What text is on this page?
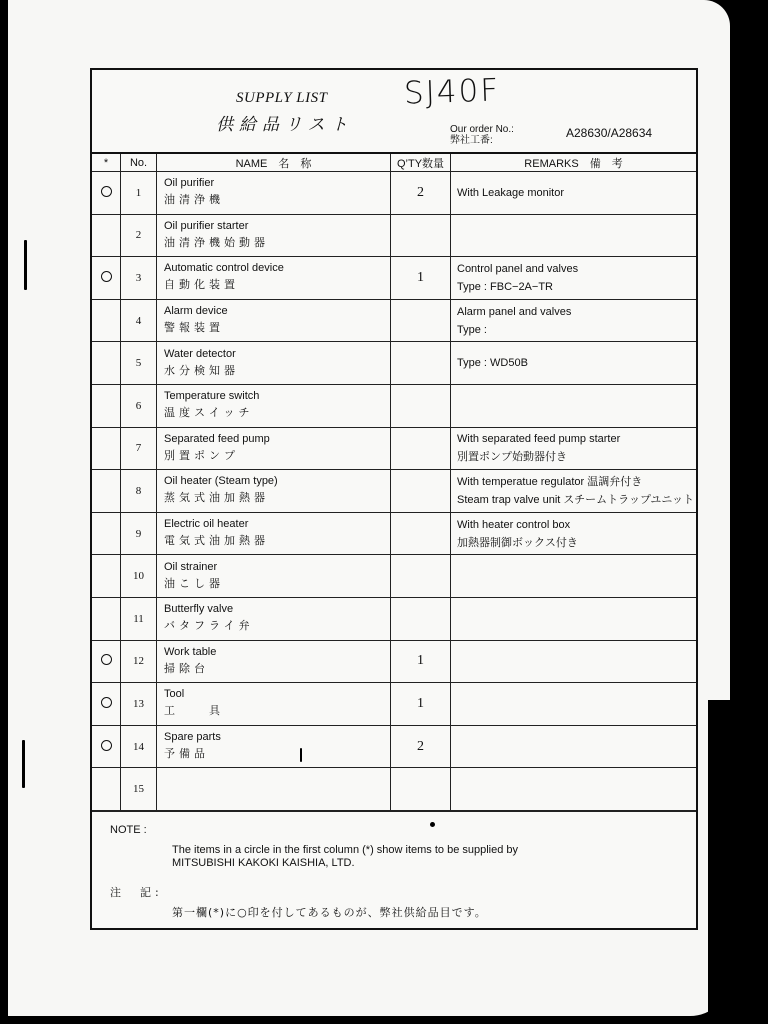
SUPPLY LIST
供給品リスト
SJ40F
Our order No.:
弊社工番:
A28630/A28634
*	No.	NAME　名　称	Q’TY数量	REMARKS　備　考
	1	Oil purifier
油清浄機	2	With Leakage monitor

	2	Oil purifier starter
油清浄機始動器		

	3	Automatic control device
自動化装置	1	Control panel and valves
Type : FBC−2A−TR

	4	Alarm device
警報装置		Alarm panel and valves
Type :

	5	Water detector
水分検知器		Type : WD50B

	6	Temperature switch
温度スイッチ		

	7	Separated feed pump
別置ポンプ		With separated feed pump starter
別置ポンプ始動器付き

	8	Oil heater (Steam type)
蒸気式油加熱器		With temperatue regulator 温調弁付き
Steam trap valve unit スチームトラップユニット

	9	Electric oil heater
電気式油加熱器		With heater control box
加熱器制御ボックス付き

	10	Oil strainer
油こし器		

	11	Butterfly valve
バタフライ弁		

	12	Work table
掃除台	1	
	13	Tool
工　　具	1	
	14	Spare parts
予備品	2	
	15	

NOTE :
The items in a circle in the first column (*) show items to be supplied by
MITSUBISHI KAKOKI KAISHIA, LTD.
注　記:
第一欄(*)に○印を付してあるものが、弊社供給品目です。
